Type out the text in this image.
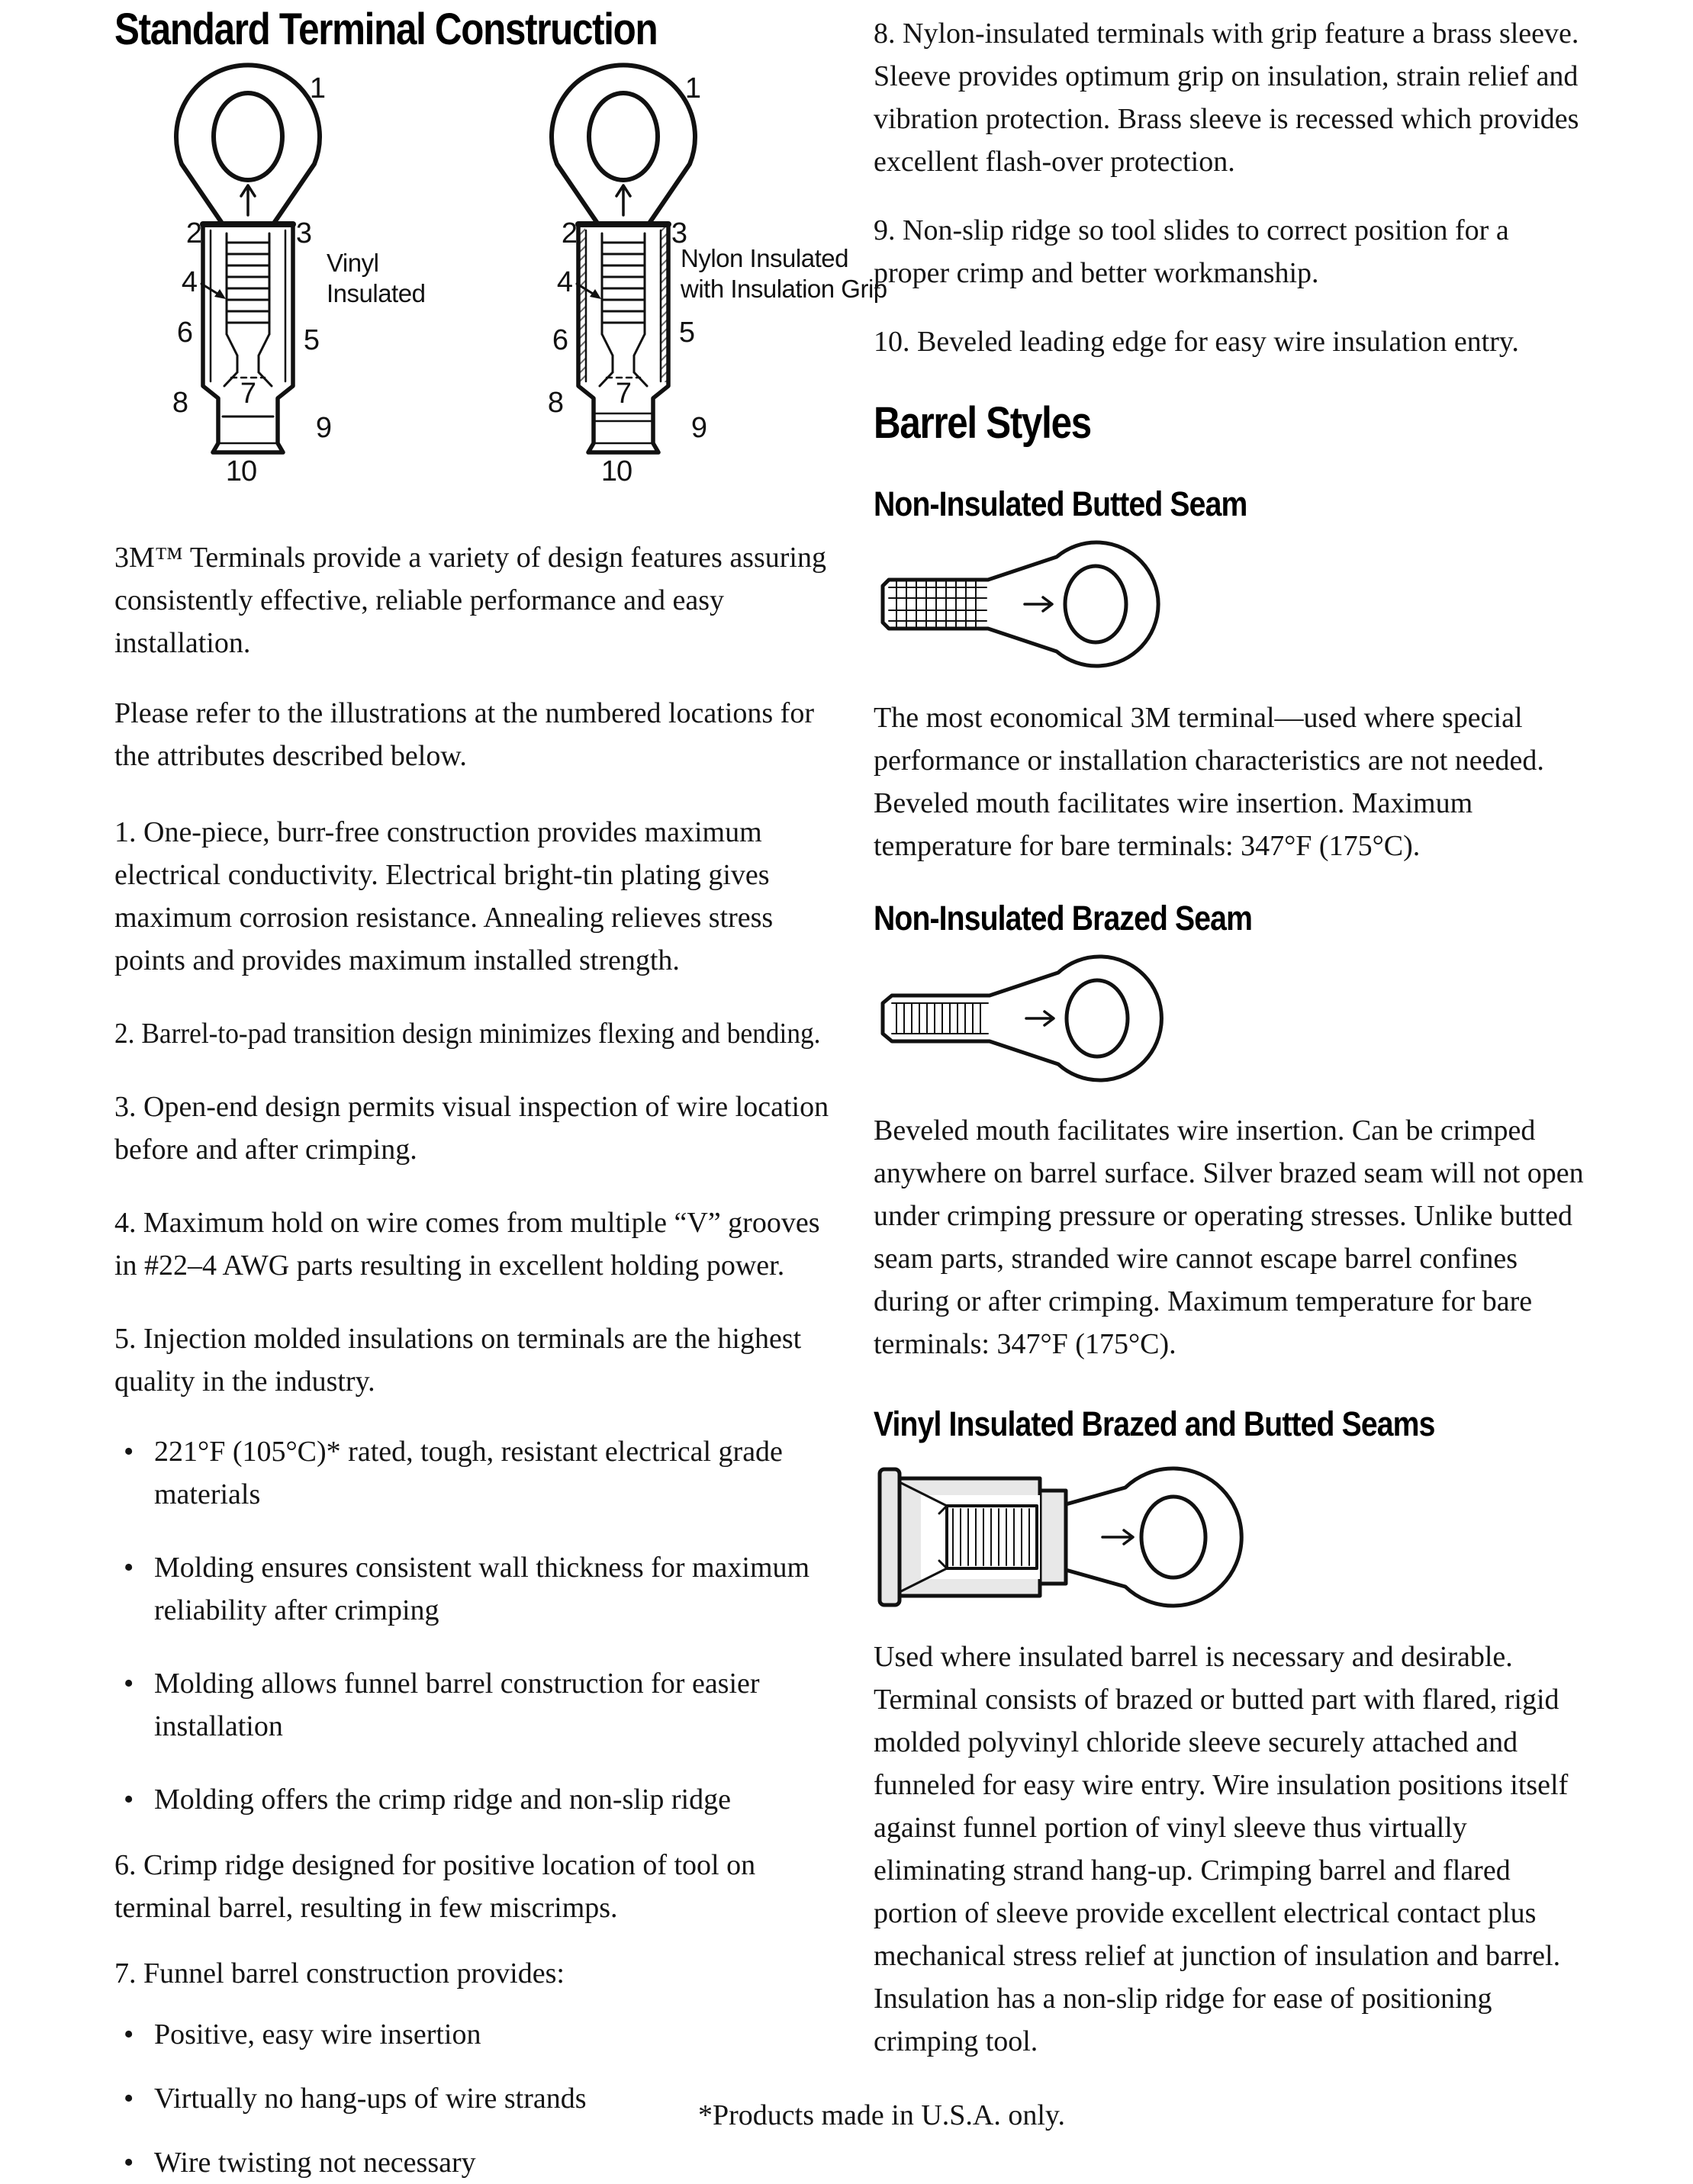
Standard Terminal Construction
1
2	3
4
5
6
7
8
9
10
1
2	3
4
5
6
7
8
9
10
Vinyl
Insulated
Nylon Insulated
with Insulation Grip

3M™ Terminals provide a variety of design features assuring consistently effective, reliable performance and easy installation.

Please refer to the illustrations at the numbered locations for the attributes described below.

1. One-piece, burr-free construction provides maximum electrical conductivity. Electrical bright-tin plating gives maximum corrosion resistance. Annealing relieves stress points and provides maximum installed strength.

2. Barrel-to-pad transition design minimizes flexing and bending.

3. Open-end design permits visual inspection of wire location before and after crimping.

4. Maximum hold on wire comes from multiple “V” grooves in #22–4 AWG parts resulting in excellent holding power.

5. Injection molded insulations on terminals are the highest quality in the industry.

• 221°F (105°C)* rated, tough, resistant electrical grade materials
• Molding ensures consistent wall thickness for maximum reliability after crimping
• Molding allows funnel barrel construction for easier installation
• Molding offers the crimp ridge and non-slip ridge

6. Crimp ridge designed for positive location of tool on terminal barrel, resulting in few miscrimps.

7. Funnel barrel construction provides:

• Positive, easy wire insertion
• Virtually no hang-ups of wire strands
• Wire twisting not necessary

8. Nylon-insulated terminals with grip feature a brass sleeve. Sleeve provides optimum grip on insulation, strain relief and vibration protection. Brass sleeve is recessed which provides excellent flash-over protection.

9. Non-slip ridge so tool slides to correct position for a proper crimp and better workmanship.

10. Beveled leading edge for easy wire insulation entry.

Barrel Styles
Non-Insulated Butted Seam

The most economical 3M terminal—used where special performance or installation characteristics are not needed. Beveled mouth facilitates wire insertion. Maximum temperature for bare terminals: 347°F (175°C).

Non-Insulated Brazed Seam

Beveled mouth facilitates wire insertion. Can be crimped anywhere on barrel surface. Silver brazed seam will not open under crimping pressure or operating stresses. Unlike butted seam parts, stranded wire cannot escape barrel confines during or after crimping. Maximum temperature for bare terminals: 347°F (175°C).

Vinyl Insulated Brazed and Butted Seams

Used where insulated barrel is necessary and desirable. Terminal consists of brazed or butted part with flared, rigid molded polyvinyl chloride sleeve securely attached and funneled for easy wire entry. Wire insulation positions itself against funnel portion of vinyl sleeve thus virtually eliminating strand hang-up. Crimping barrel and flared portion of sleeve provide excellent electrical contact plus mechanical stress relief at junction of insulation and barrel. Insulation has a non-slip ridge for ease of positioning crimping tool.

*Products made in U.S.A. only.
